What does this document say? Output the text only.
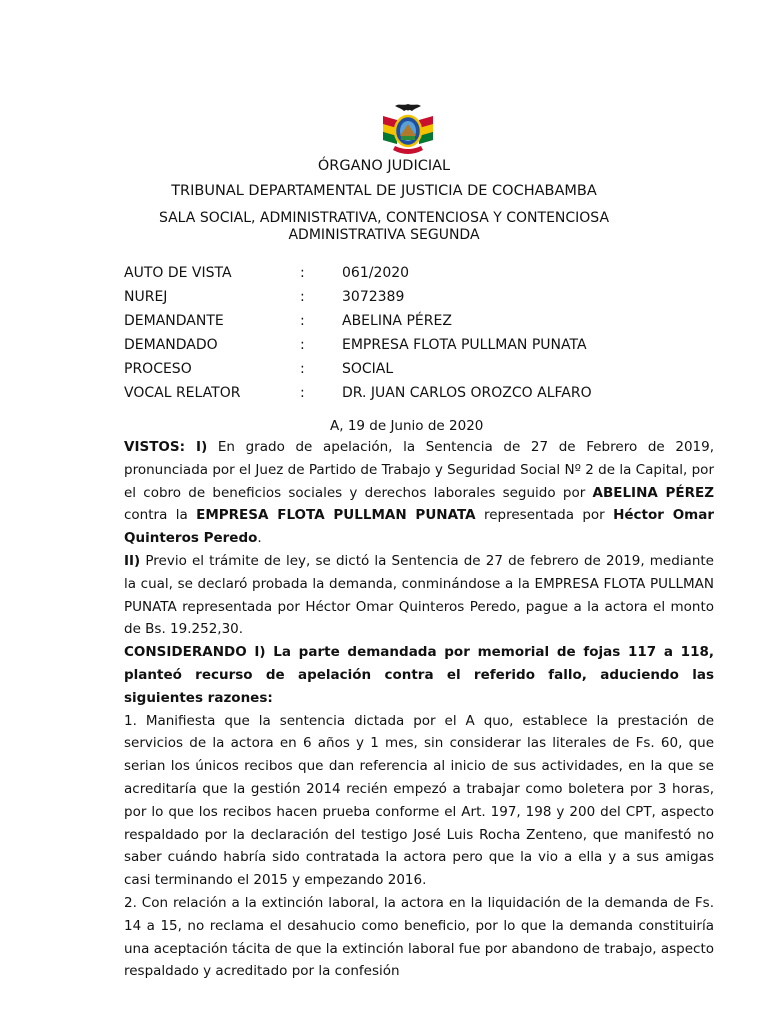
ÓRGANO JUDICIAL
TRIBUNAL DEPARTAMENTAL DE JUSTICIA DE COCHABAMBA
SALA SOCIAL, ADMINISTRATIVA, CONTENCIOSA Y CONTENCIOSA ADMINISTRATIVA SEGUNDA
AUTO DE VISTA	:	061/2020
NUREJ	:	3072389
DEMANDANTE	:	ABELINA PÉREZ
DEMANDADO	:	EMPRESA FLOTA PULLMAN PUNATA
PROCESO	:	SOCIAL
VOCAL RELATOR	:	DR. JUAN CARLOS OROZCO ALFARO
A, 19 de Junio de 2020

VISTOS: I) En grado de apelación, la Sentencia de 27 de Febrero de 2019, pronunciada por el Juez de Partido de Trabajo y Seguridad Social Nº 2 de la Capital, por el cobro de beneficios sociales y derechos laborales seguido por ABELINA PÉREZ contra la EMPRESA FLOTA PULLMAN PUNATA representada por Héctor Omar Quinteros Peredo.

II) Previo el trámite de ley, se dictó la Sentencia de 27 de febrero de 2019, mediante la cual, se declaró probada la demanda, conminándose a la EMPRESA FLOTA PULLMAN PUNATA representada por Héctor Omar Quinteros Peredo, pague a la actora el monto de Bs. 19.252,30.

CONSIDERANDO I) La parte demandada por memorial de fojas 117 a 118, planteó recurso de apelación contra el referido fallo, aduciendo las siguientes razones:

1. Manifiesta que la sentencia dictada por el A quo, establece la prestación de servicios de la actora en 6 años y 1 mes, sin considerar las literales de Fs. 60, que serian los únicos recibos que dan referencia al inicio de sus actividades, en la que se acreditaría que la gestión 2014 recién empezó a trabajar como boletera por 3 horas, por lo que los recibos hacen prueba conforme el Art. 197, 198 y 200 del CPT, aspecto respaldado por la declaración del testigo José Luis Rocha Zenteno, que manifestó no saber cuándo habría sido contratada la actora pero que la vio a ella y a sus amigas casi terminando el 2015 y empezando 2016.

2. Con relación a la extinción laboral, la actora en la liquidación de la demanda de Fs. 14 a 15, no reclama el desahucio como beneficio, por lo que la demanda constituiría una aceptación tácita de que la extinción laboral fue por abandono de trabajo, aspecto respaldado y acreditado por la confesión
